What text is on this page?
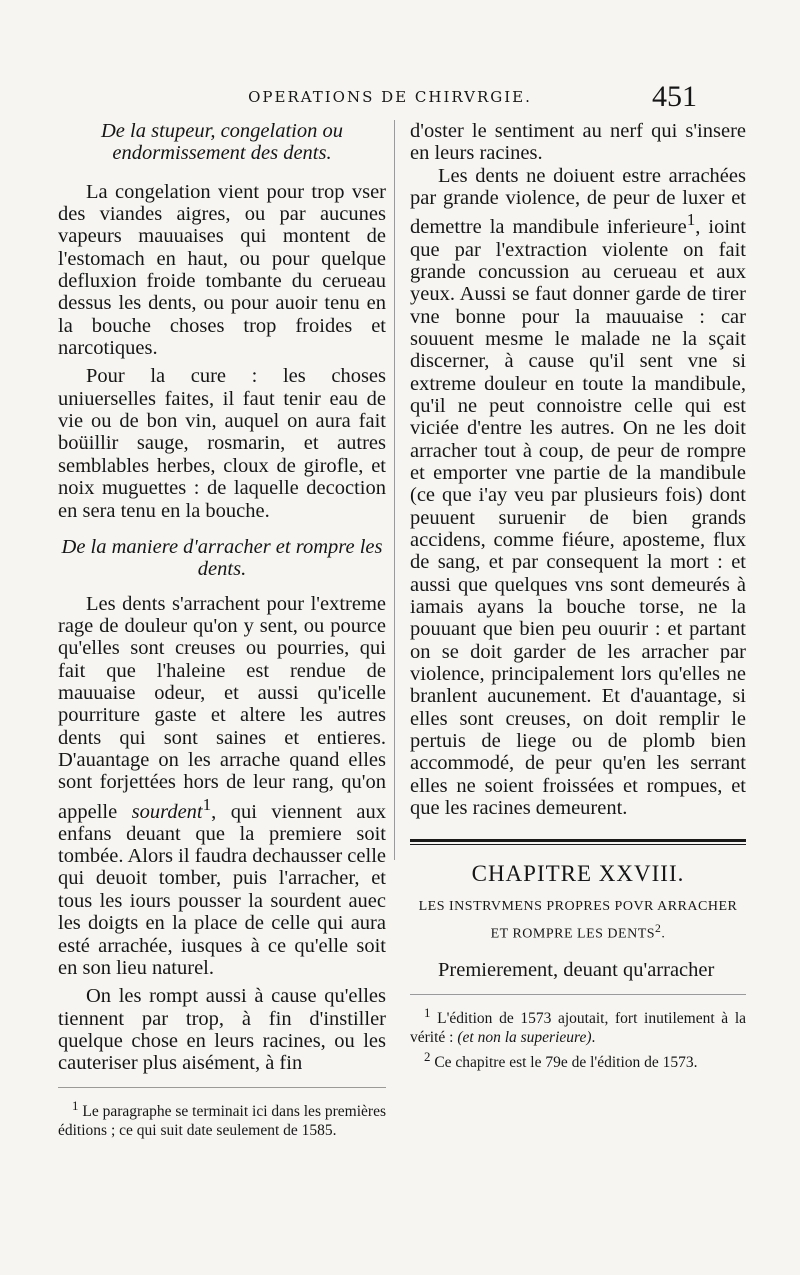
OPERATIONS DE CHIRVRGIE.	451

De la stupeur, congelation ou endormissement des dents.

La congelation vient pour trop vser des viandes aigres, ou par aucunes vapeurs mauuaises qui montent de l'estomach en haut, ou pour quelque defluxion froide tombante du cerueau dessus les dents, ou pour auoir tenu en la bouche choses trop froides et narcotiques.

Pour la cure : les choses uniuerselles faites, il faut tenir eau de vie ou de bon vin, auquel on aura fait boüillir sauge, rosmarin, et autres semblables herbes, cloux de girofle, et noix muguettes : de laquelle decoction en sera tenu en la bouche.

De la maniere d'arracher et rompre les dents.

Les dents s'arrachent pour l'extreme rage de douleur qu'on y sent, ou pource qu'elles sont creuses ou pourries, qui fait que l'haleine est rendue de mauuaise odeur, et aussi qu'icelle pourriture gaste et altere les autres dents qui sont saines et entieres. D'auantage on les arrache quand elles sont forjettées hors de leur rang, qu'on appelle sourdent$^1$, qui viennent aux enfans deuant que la premiere soit tombée. Alors il faudra dechausser celle qui deuoit tomber, puis l'arracher, et tous les iours pousser la sourdent auec les doigts en la place de celle qui aura esté arrachée, iusques à ce qu'elle soit en son lieu naturel.

On les rompt aussi à cause qu'elles tiennent par trop, à fin d'instiller quelque chose en leurs racines, ou les cauteriser plus aisément, à fin

$^1$ Le paragraphe se terminait ici dans les premières éditions ; ce qui suit date seulement de 1585.

d'oster le sentiment au nerf qui s'insere en leurs racines.

Les dents ne doiuent estre arrachées par grande violence, de peur de luxer et demettre la mandibule inferieure$^1$, ioint que par l'extraction violente on fait grande concussion au cerueau et aux yeux. Aussi se faut donner garde de tirer vne bonne pour la mauuaise : car souuent mesme le malade ne la sçait discerner, à cause qu'il sent vne si extreme douleur en toute la mandibule, qu'il ne peut connoistre celle qui est viciée d'entre les autres. On ne les doit arracher tout à coup, de peur de rompre et emporter vne partie de la mandibule (ce que i'ay veu par plusieurs fois) dont peuuent suruenir de bien grands accidens, comme fiéure, aposteme, flux de sang, et par consequent la mort : et aussi que quelques vns sont demeurés à iamais ayans la bouche torse, ne la pouuant que bien peu ouurir : et partant on se doit garder de les arracher par violence, principalement lors qu'elles ne branlent aucunement. Et d'auantage, si elles sont creuses, on doit remplir le pertuis de liege ou de plomb bien accommodé, de peur qu'en les serrant elles ne soient froissées et rompues, et que les racines demeurent.

CHAPITRE XXVIII.
LES INSTRVMENS PROPRES POVR ARRACHER ET ROMPRE LES DENTS$^2$.

Premierement, deuant qu'arracher

$^1$ L'édition de 1573 ajoutait, fort inutilement à la vérité : (et non la superieure).

$^2$ Ce chapitre est le 79e de l'édition de 1573.
